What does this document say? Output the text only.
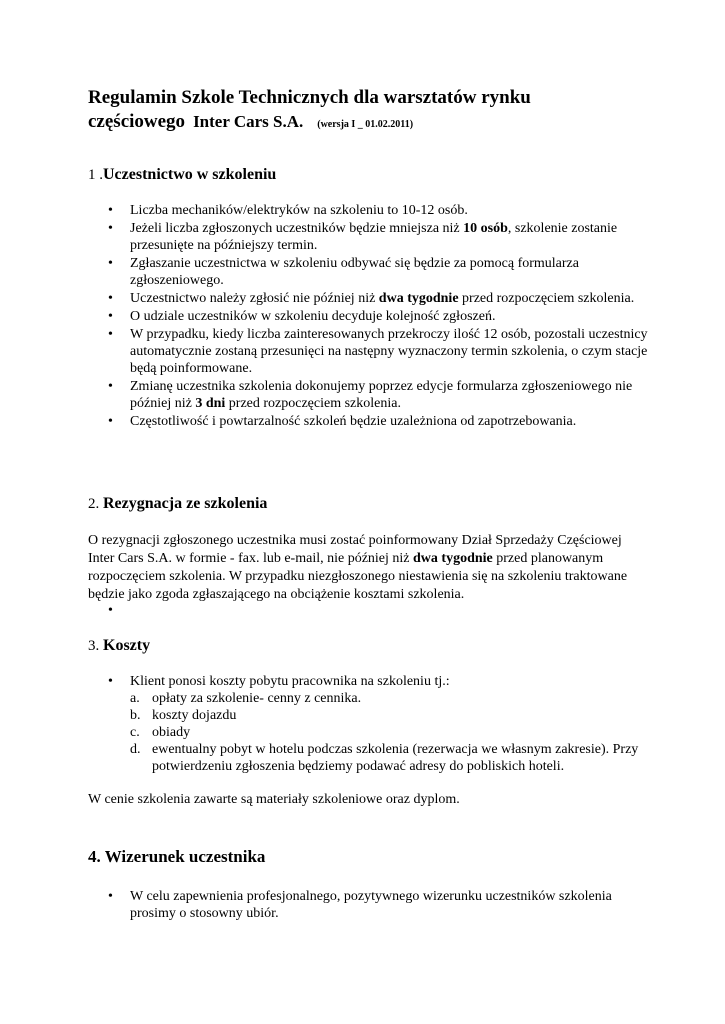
Regulamin Szkole Technicznych dla warsztatów rynku
częściowego Inter Cars S.A. (wersja I _ 01.02.2011)
1 .Uczestnictwo w szkoleniu
• Liczba mechaników/elektryków na szkoleniu to 10-12 osób.
• Jeżeli liczba zgłoszonych uczestników będzie mniejsza niż 10 osób, szkolenie zostanie przesunięte na późniejszy termin.
• Zgłaszanie uczestnictwa w szkoleniu odbywać się będzie za pomocą formularza zgłoszeniowego.
• Uczestnictwo należy zgłosić nie później niż dwa tygodnie przed rozpoczęciem szkolenia.
• O udziale uczestników w szkoleniu decyduje kolejność zgłoszeń.
• W przypadku, kiedy liczba zainteresowanych przekroczy ilość 12 osób, pozostali uczestnicy automatycznie zostaną przesunięci na następny wyznaczony termin szkolenia, o czym stacje będą poinformowane.
• Zmianę uczestnika szkolenia dokonujemy poprzez edycje formularza zgłoszeniowego nie później niż 3 dni przed rozpoczęciem szkolenia.
• Częstotliwość i powtarzalność szkoleń będzie uzależniona od zapotrzebowania.
2. Rezygnacja ze szkolenia
O rezygnacji zgłoszonego uczestnika musi zostać poinformowany Dział Sprzedaży Częściowej Inter Cars S.A. w formie - fax. lub e-mail, nie później niż dwa tygodnie przed planowanym rozpoczęciem szkolenia. W przypadku niezgłoszonego niestawienia się na szkoleniu traktowane będzie jako zgoda zgłaszającego na obciążenie kosztami szkolenia.
•
3. Koszty
• Klient ponosi koszty pobytu pracownika na szkoleniu tj.:
a. opłaty za szkolenie- cenny z cennika.
b. koszty dojazdu
c. obiady
d. ewentualny pobyt w hotelu podczas szkolenia (rezerwacja we własnym zakresie). Przy potwierdzeniu zgłoszenia będziemy podawać adresy do pobliskich hoteli.
W cenie szkolenia zawarte są materiały szkoleniowe oraz dyplom.
4. Wizerunek uczestnika
• W celu zapewnienia profesjonalnego, pozytywnego wizerunku uczestników szkolenia prosimy o stosowny ubiór.
